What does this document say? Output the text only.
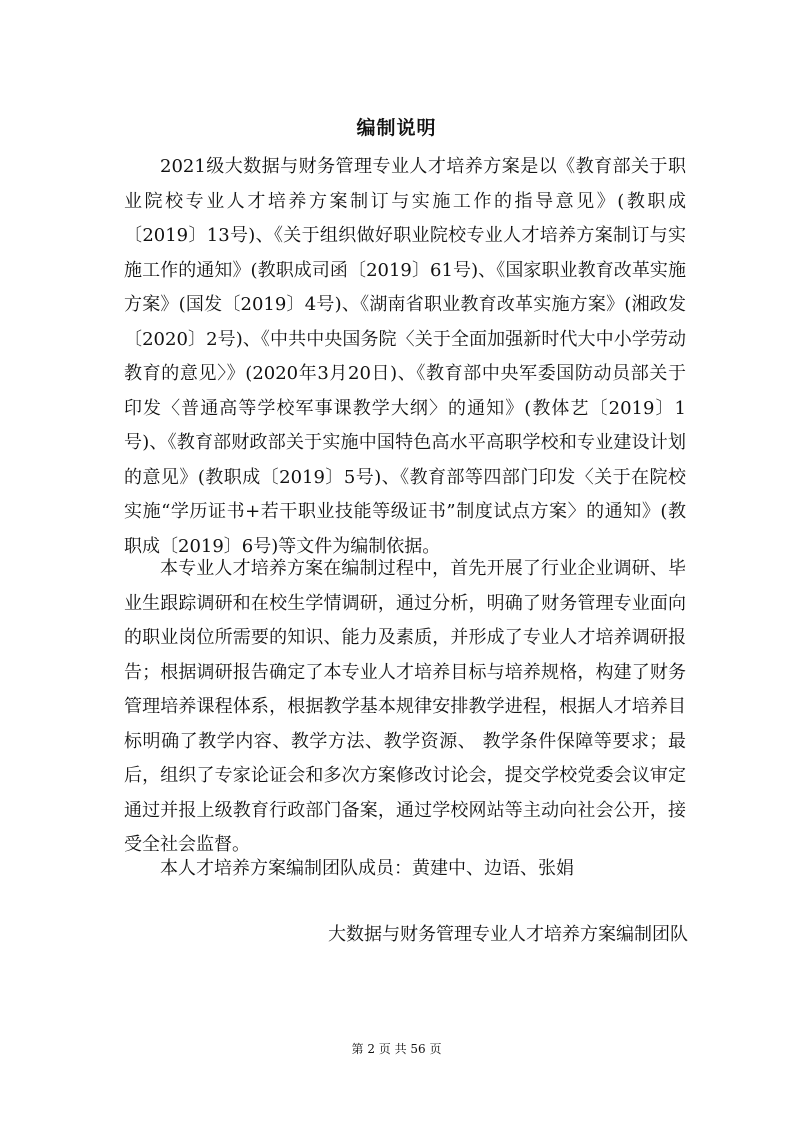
编制说明

2021级大数据与财务管理专业人才培养方案是以《教育部关于职业院校专业人才培养方案制订与实施工作的指导意见》(教职成〔2019〕13号)、《关于组织做好职业院校专业人才培养方案制订与实施工作的通知》(教职成司函〔2019〕61号)、《国家职业教育改革实施方案》(国发〔2019〕4号)、《湖南省职业教育改革实施方案》(湘政发〔2020〕2号)、《中共中央国务院〈关于全面加强新时代大中小学劳动教育的意见〉》(2020年3月20日)、《教育部中央军委国防动员部关于印发〈普通高等学校军事课教学大纲〉的通知》(教体艺〔2019〕1号)、《教育部财政部关于实施中国特色高水平高职学校和专业建设计划的意见》(教职成〔2019〕5号)、《教育部等四部门印发〈关于在院校实施“学历证书+若干职业技能等级证书”制度试点方案〉的通知》(教职成〔2019〕6号)等文件为编制依据。

本专业人才培养方案在编制过程中，首先开展了行业企业调研、毕业生跟踪调研和在校生学情调研，通过分析，明确了财务管理专业面向的职业岗位所需要的知识、能力及素质，并形成了专业人才培养调研报告；根据调研报告确定了本专业人才培养目标与培养规格，构建了财务管理培养课程体系，根据教学基本规律安排教学进程，根据人才培养目标明确了教学内容、教学方法、教学资源、 教学条件保障等要求；最后，组织了专家论证会和多次方案修改讨论会，提交学校党委会议审定通过并报上级教育行政部门备案，通过学校网站等主动向社会公开，接受全社会监督。

本人才培养方案编制团队成员：黄建中、边语、张娟

大数据与财务管理专业人才培养方案编制团队
第 2 页 共 56 页
